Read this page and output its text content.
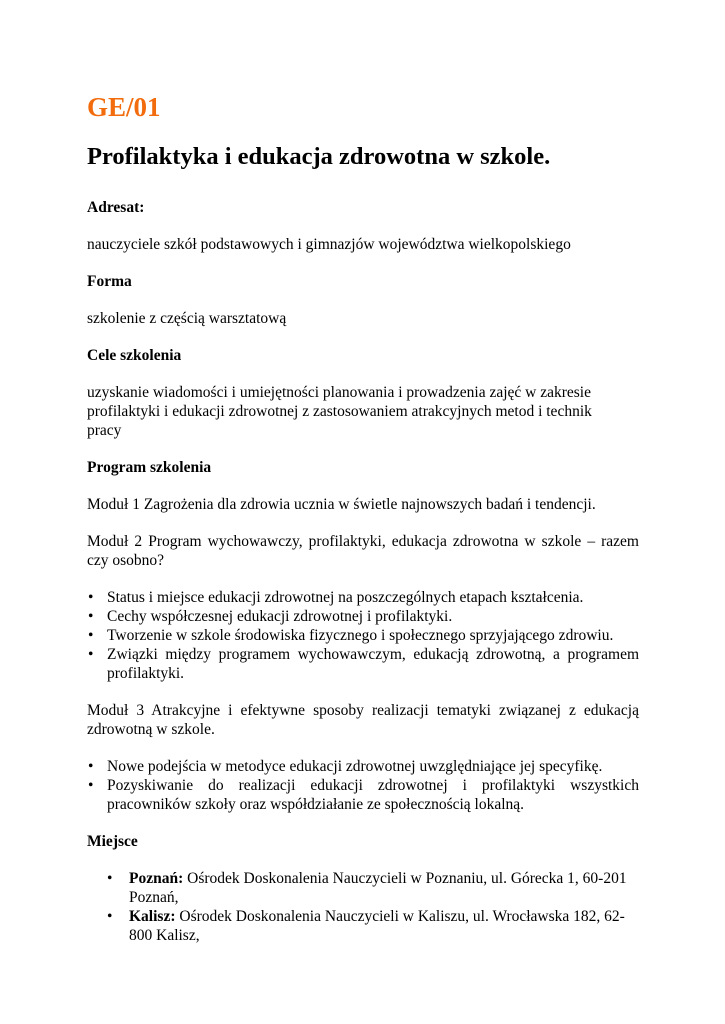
GE/01
Profilaktyka i edukacja zdrowotna w szkole.
Adresat:
nauczyciele szkół podstawowych i gimnazjów województwa wielkopolskiego
Forma
szkolenie z częścią warsztatową
Cele szkolenia
uzyskanie wiadomości i umiejętności planowania i prowadzenia zajęć w zakresie profilaktyki i edukacji zdrowotnej z zastosowaniem atrakcyjnych metod i technik pracy
Program szkolenia
Moduł 1 Zagrożenia dla zdrowia ucznia w świetle najnowszych badań i tendencji.
Moduł 2 Program wychowawczy, profilaktyki, edukacja zdrowotna w szkole – razem czy osobno?
• Status i miejsce edukacji zdrowotnej na poszczególnych etapach kształcenia.
• Cechy współczesnej edukacji zdrowotnej i profilaktyki.
• Tworzenie w szkole środowiska fizycznego i społecznego sprzyjającego zdrowiu.
• Związki między programem wychowawczym, edukacją zdrowotną, a programem profilaktyki.
Moduł 3 Atrakcyjne i efektywne sposoby realizacji tematyki związanej z edukacją zdrowotną w szkole.
• Nowe podejścia w metodyce edukacji zdrowotnej uwzględniające jej specyfikę.
• Pozyskiwanie do realizacji edukacji zdrowotnej i profilaktyki wszystkich pracowników szkoły oraz współdziałanie ze społecznością lokalną.
Miejsce
• Poznań: Ośrodek Doskonalenia Nauczycieli w Poznaniu, ul. Górecka 1, 60-201 Poznań,
• Kalisz: Ośrodek Doskonalenia Nauczycieli w Kaliszu, ul. Wrocławska 182, 62-800 Kalisz,
